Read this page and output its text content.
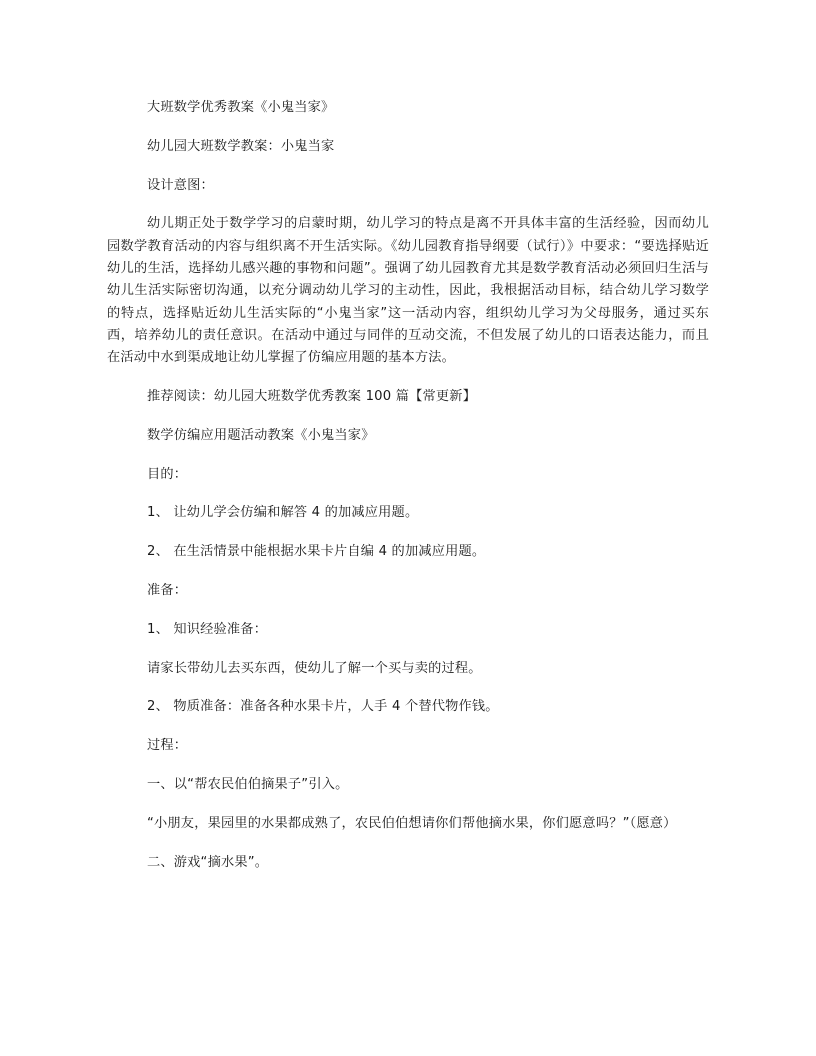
大班数学优秀教案《小鬼当家》

幼儿园大班数学教案：小鬼当家

设计意图：

幼儿期正处于数学学习的启蒙时期，幼儿学习的特点是离不开具体丰富的生活经验，因而幼儿园数学教育活动的内容与组织离不开生活实际。《幼儿园教育指导纲要（试行）》中要求：“要选择贴近幼儿的生活，选择幼儿感兴趣的事物和问题”。强调了幼儿园教育尤其是数学教育活动必须回归生活与幼儿生活实际密切沟通，以充分调动幼儿学习的主动性，因此，我根据活动目标，结合幼儿学习数学的特点，选择贴近幼儿生活实际的“小鬼当家”这一活动内容，组织幼儿学习为父母服务，通过买东西，培养幼儿的责任意识。在活动中通过与同伴的互动交流，不但发展了幼儿的口语表达能力，而且在活动中水到渠成地让幼儿掌握了仿编应用题的基本方法。

推荐阅读：幼儿园大班数学优秀教案 100 篇【常更新】

数学仿编应用题活动教案《小鬼当家》

目的：

1、 让幼儿学会仿编和解答 4 的加减应用题。

2、 在生活情景中能根据水果卡片自编 4 的加减应用题。

准备：

1、 知识经验准备：

请家长带幼儿去买东西，使幼儿了解一个买与卖的过程。

2、 物质准备：准备各种水果卡片，人手 4 个替代物作钱。

过程：

一、以“帮农民伯伯摘果子”引入。

“小朋友，果园里的水果都成熟了，农民伯伯想请你们帮他摘水果，你们愿意吗？”（愿意）

二、游戏“摘水果”。
